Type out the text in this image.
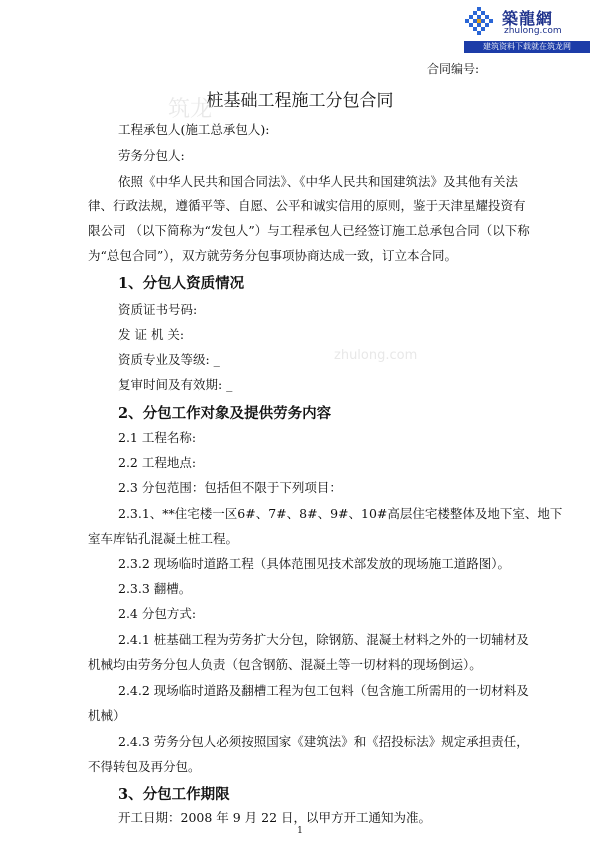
筑龙
zhulong.com
築龍網
zhulong.com
建筑资料下载就在筑龙网
合同编号:
桩基础工程施工分包合同
工程承包人(施工总承包人):
劳务分包人:
依照《中华人民共和国合同法》、《中华人民共和国建筑法》及其他有关法
律、行政法规，遵循平等、自愿、公平和诚实信用的原则，鉴于天津星耀投资有
限公司 （以下简称为“发包人”）与工程承包人已经签订施工总承包合同（以下称
为“总包合同”），双方就劳务分包事项协商达成一致，订立本合同。
1、分包人资质情况
资质证书号码:
发 证 机 关:
资质专业及等级: _
复审时间及有效期: _
2、分包工作对象及提供劳务内容
2.1 工程名称:
2.2 工程地点:
2.3 分包范围：包括但不限于下列项目：
2.3.1、**住宅楼一区6#、7#、8#、9#、10#高层住宅楼整体及地下室、地下
室车库钻孔混凝土桩工程。
2.3.2 现场临时道路工程（具体范围见技术部发放的现场施工道路图）。
2.3.3 翻槽。
2.4 分包方式:
2.4.1 桩基础工程为劳务扩大分包，除钢筋、混凝土材料之外的一切辅材及
机械均由劳务分包人负责（包含钢筋、混凝土等一切材料的现场倒运）。
2.4.2 现场临时道路及翻槽工程为包工包料（包含施工所需用的一切材料及
机械）
2.4.3 劳务分包人必须按照国家《建筑法》和《招投标法》规定承担责任，
不得转包及再分包。
3、分包工作期限
开工日期：2008 年 9 月 22 日，以甲方开工通知为准。
1
